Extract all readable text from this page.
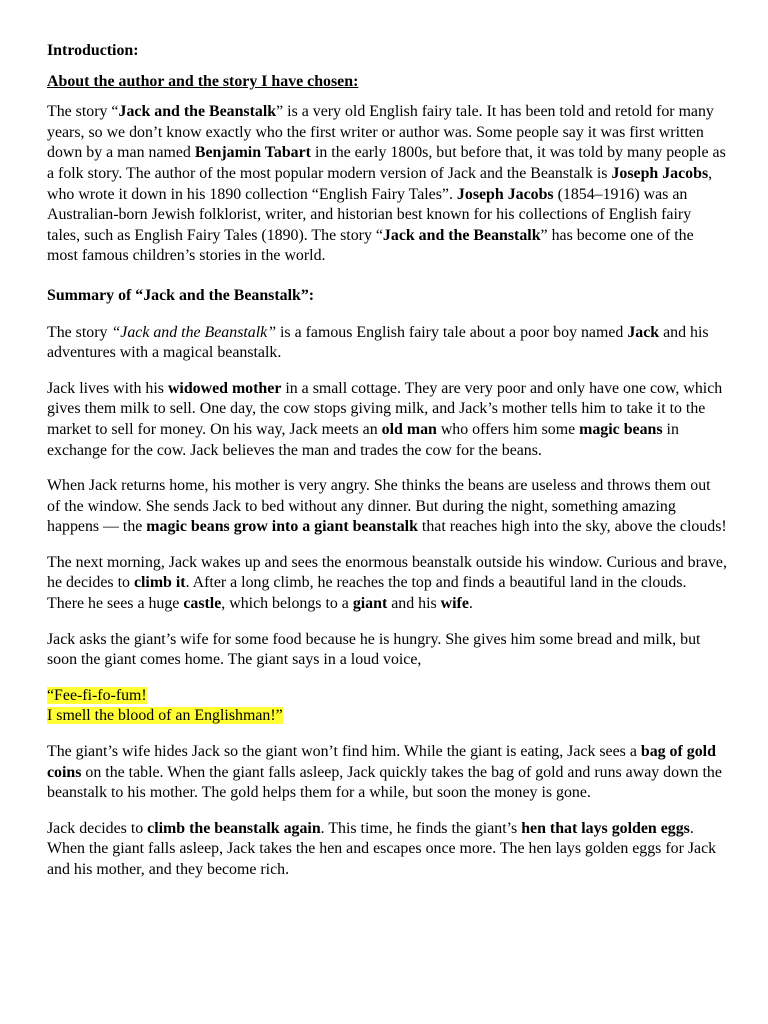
Introduction:

About the author and the story I have chosen:

The story “Jack and the Beanstalk” is a very old English fairy tale. It has been told and retold for many years, so we don’t know exactly who the first writer or author was. Some people say it was first written down by a man named Benjamin Tabart in the early 1800s, but before that, it was told by many people as a folk story. The author of the most popular modern version of Jack and the Beanstalk is Joseph Jacobs, who wrote it down in his 1890 collection “English Fairy Tales”. Joseph Jacobs (1854–1916) was an Australian-born Jewish folklorist, writer, and historian best known for his collections of English fairy tales, such as English Fairy Tales (1890). The story “Jack and the Beanstalk” has become one of the most famous children’s stories in the world.

Summary of “Jack and the Beanstalk”:

The story “Jack and the Beanstalk” is a famous English fairy tale about a poor boy named Jack and his adventures with a magical beanstalk.

Jack lives with his widowed mother in a small cottage. They are very poor and only have one cow, which gives them milk to sell. One day, the cow stops giving milk, and Jack’s mother tells him to take it to the market to sell for money. On his way, Jack meets an old man who offers him some magic beans in exchange for the cow. Jack believes the man and trades the cow for the beans.

When Jack returns home, his mother is very angry. She thinks the beans are useless and throws them out of the window. She sends Jack to bed without any dinner. But during the night, something amazing happens — the magic beans grow into a giant beanstalk that reaches high into the sky, above the clouds!

The next morning, Jack wakes up and sees the enormous beanstalk outside his window. Curious and brave, he decides to climb it. After a long climb, he reaches the top and finds a beautiful land in the clouds. There he sees a huge castle, which belongs to a giant and his wife.

Jack asks the giant’s wife for some food because he is hungry. She gives him some bread and milk, but soon the giant comes home. The giant says in a loud voice,

“Fee-fi-fo-fum!
I smell the blood of an Englishman!”

The giant’s wife hides Jack so the giant won’t find him. While the giant is eating, Jack sees a bag of gold coins on the table. When the giant falls asleep, Jack quickly takes the bag of gold and runs away down the beanstalk to his mother. The gold helps them for a while, but soon the money is gone.

Jack decides to climb the beanstalk again. This time, he finds the giant’s hen that lays golden eggs. When the giant falls asleep, Jack takes the hen and escapes once more. The hen lays golden eggs for Jack and his mother, and they become rich.
